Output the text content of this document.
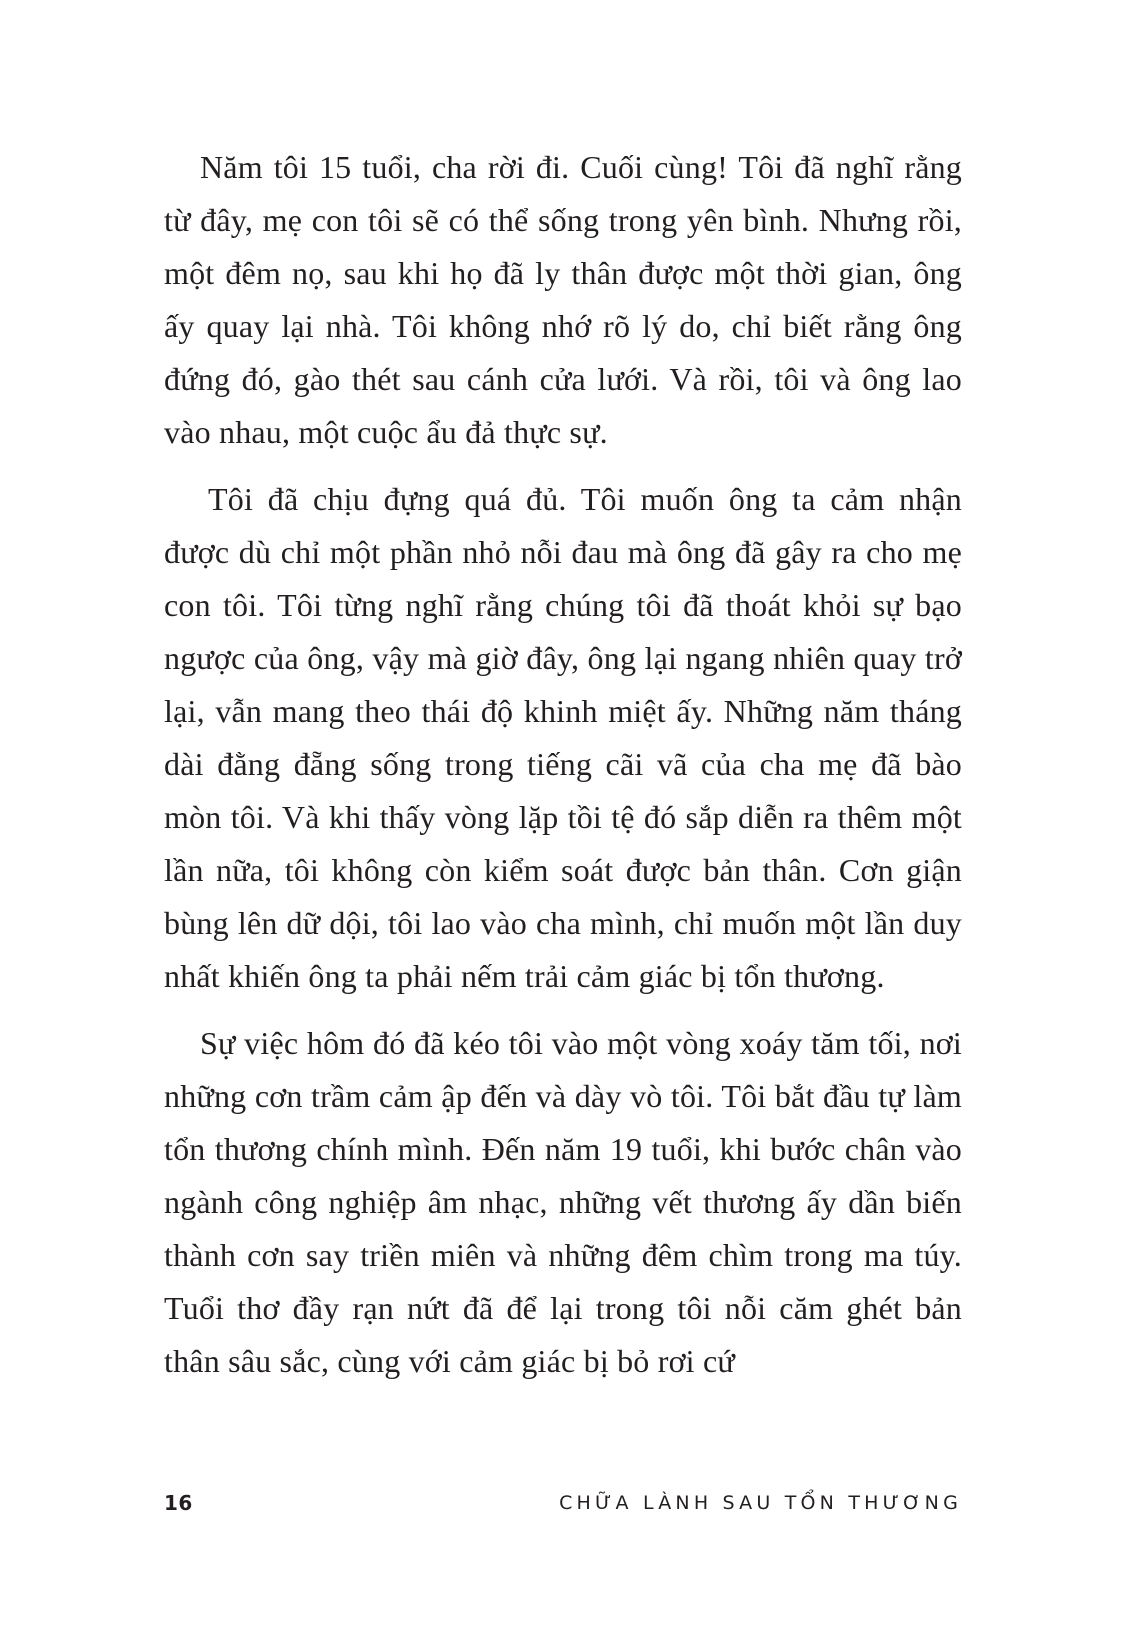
Năm tôi 15 tuổi, cha rời đi. Cuối cùng! Tôi đã nghĩ rằng từ đây, mẹ con tôi sẽ có thể sống trong yên bình. Nhưng rồi, một đêm nọ, sau khi họ đã ly thân được một thời gian, ông ấy quay lại nhà. Tôi không nhớ rõ lý do, chỉ biết rằng ông đứng đó, gào thét sau cánh cửa lưới. Và rồi, tôi và ông lao vào nhau, một cuộc ẩu đả thực sự.

Tôi đã chịu đựng quá đủ. Tôi muốn ông ta cảm nhận được dù chỉ một phần nhỏ nỗi đau mà ông đã gây ra cho mẹ con tôi. Tôi từng nghĩ rằng chúng tôi đã thoát khỏi sự bạo ngược của ông, vậy mà giờ đây, ông lại ngang nhiên quay trở lại, vẫn mang theo thái độ khinh miệt ấy. Những năm tháng dài đằng đẵng sống trong tiếng cãi vã của cha mẹ đã bào mòn tôi. Và khi thấy vòng lặp tồi tệ đó sắp diễn ra thêm một lần nữa, tôi không còn kiểm soát được bản thân. Cơn giận bùng lên dữ dội, tôi lao vào cha mình, chỉ muốn một lần duy nhất khiến ông ta phải nếm trải cảm giác bị tổn thương.

Sự việc hôm đó đã kéo tôi vào một vòng xoáy tăm tối, nơi những cơn trầm cảm ập đến và dày vò tôi. Tôi bắt đầu tự làm tổn thương chính mình. Đến năm 19 tuổi, khi bước chân vào ngành công nghiệp âm nhạc, những vết thương ấy dần biến thành cơn say triền miên và những đêm chìm trong ma túy. Tuổi thơ đầy rạn nứt đã để lại trong tôi nỗi căm ghét bản thân sâu sắc, cùng với cảm giác bị bỏ rơi cứ

16	CHỮA LÀNH SAU TỔN THƯƠNG
